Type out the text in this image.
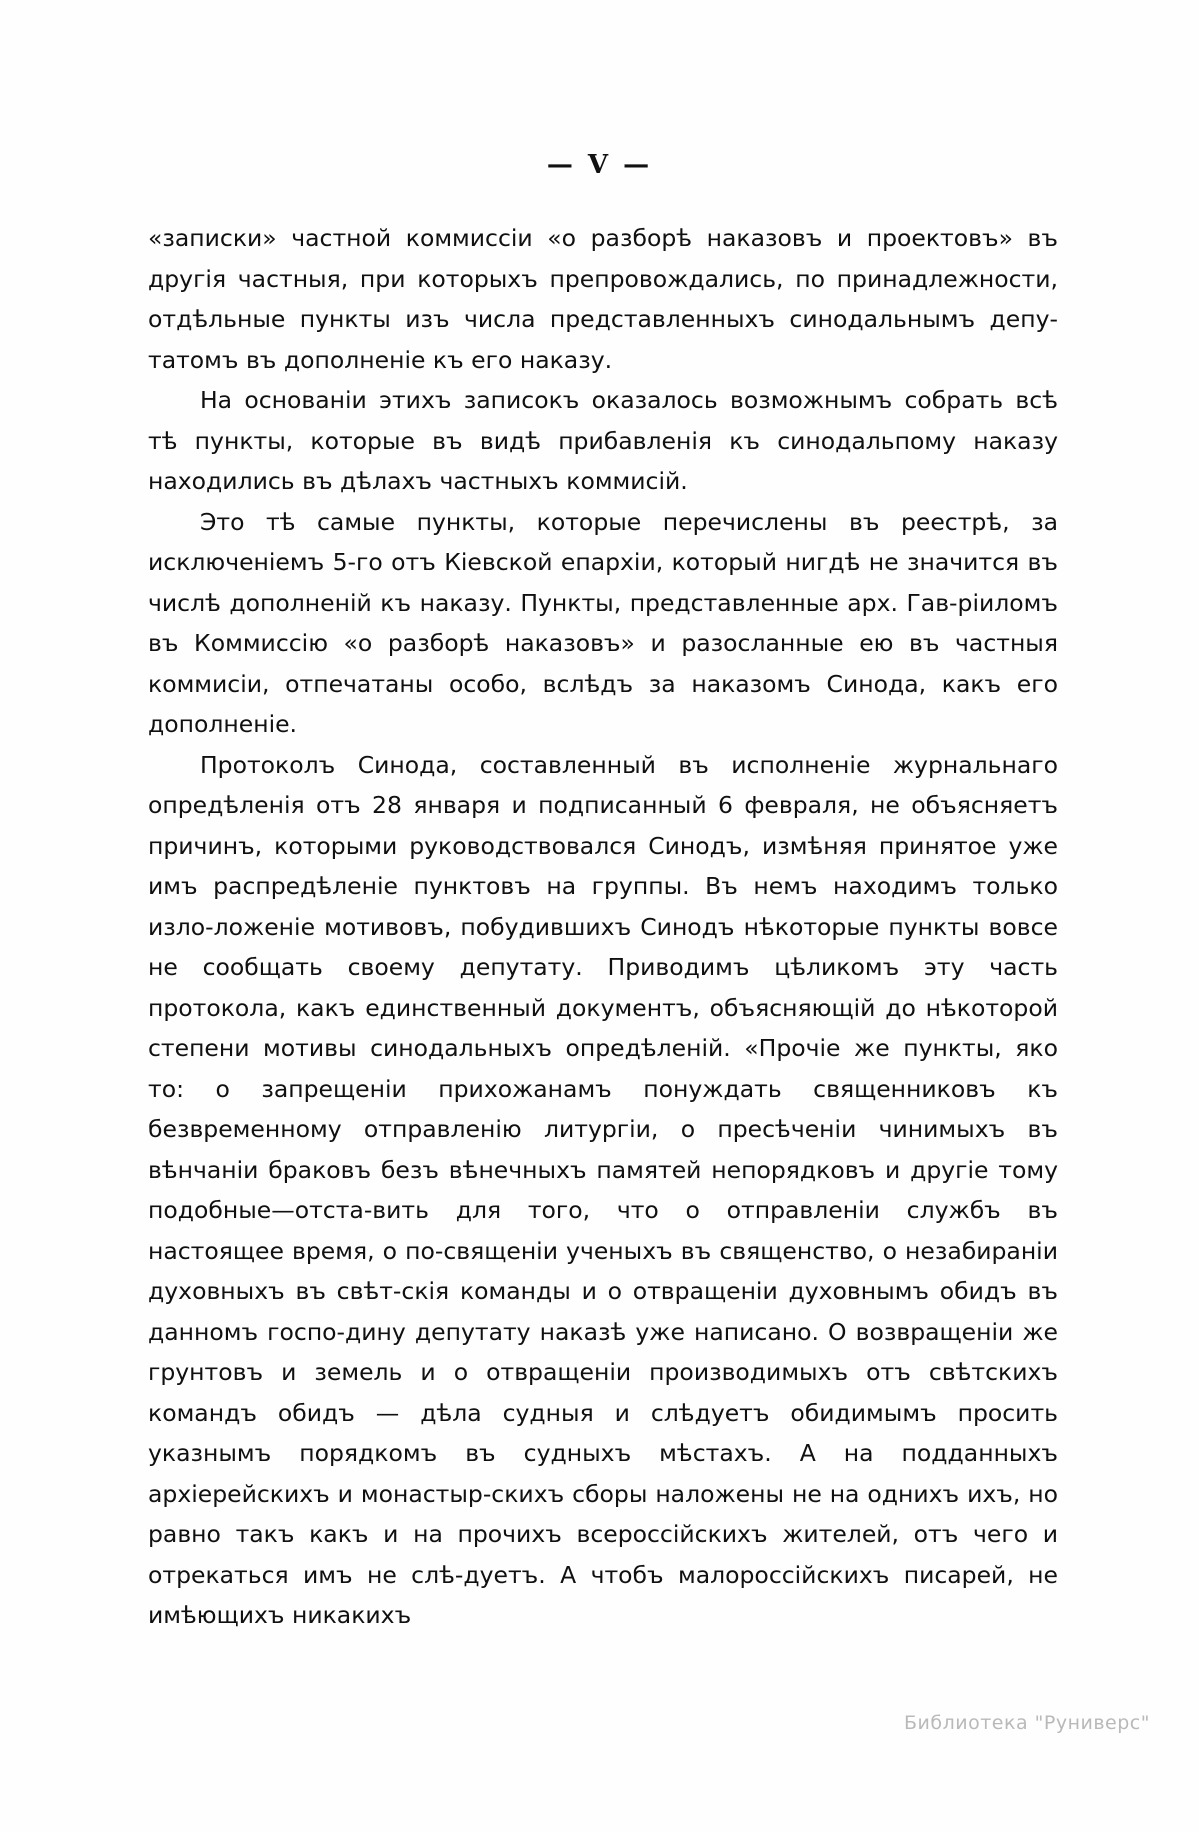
— V —

«записки» частной коммиссіи «о разборѣ наказовъ и проектовъ» въ другія частныя, при которыхъ препровождались, по принадлежности, отдѣльные пункты изъ числа представленныхъ синодальнымъ депу-татомъ въ дополненіе къ его наказу.

На основаніи этихъ записокъ оказалось возможнымъ собрать всѣ тѣ пункты, которые въ видѣ прибавленія къ синодальпому наказу находились въ дѣлахъ частныхъ коммисій.

Это тѣ самые пункты, которые перечислены въ реестрѣ, за исключеніемъ 5-го отъ Кіевской епархіи, который нигдѣ не значится въ числѣ дополненій къ наказу. Пункты, представленные арх. Гав-ріиломъ въ Коммиссію «о разборѣ наказовъ» и разосланные ею въ частныя коммисіи, отпечатаны особо, вслѣдъ за наказомъ Синода, какъ его дополненіе.

Протоколъ Синода, составленный въ исполненіе журнальнаго опредѣленія отъ 28 января и подписанный 6 февраля, не объясняетъ причинъ, которыми руководствовался Синодъ, измѣняя принятое уже имъ распредѣленіе пунктовъ на группы. Въ немъ находимъ только изло-ложеніе мотивовъ, побудившихъ Синодъ нѣкоторые пункты вовсе не сообщать своему депутату. Приводимъ цѣликомъ эту часть протокола, какъ единственный документъ, объясняющій до нѣкоторой степени мотивы синодальныхъ опредѣленій. «Прочіе же пункты, яко то: о запрещеніи прихожанамъ понуждать священниковъ къ безвременному отправленію литургіи, о пресѣченіи чинимыхъ въ вѣнчаніи браковъ безъ вѣнечныхъ памятей непорядковъ и другіе тому подобные—отста-вить для того, что о отправленіи службъ въ настоящее время, о по-священіи ученыхъ въ священство, о незабираніи духовныхъ въ свѣт-скія команды и о отвращеніи духовнымъ обидъ въ данномъ госпо-дину депутату наказѣ уже написано. О возвращеніи же грунтовъ и земель и о отвращеніи производимыхъ отъ свѣтскихъ командъ обидъ — дѣла судныя и слѣдуетъ обидимымъ просить указнымъ порядкомъ въ судныхъ мѣстахъ. А на подданныхъ архіерейскихъ и монастыр-скихъ сборы наложены не на однихъ ихъ, но равно такъ какъ и на прочихъ всероссійскихъ жителей, отъ чего и отрекаться имъ не слѣ-дуетъ. А чтобъ малороссійскихъ писарей, не имѣющихъ никакихъ

Библиотека "Руниверс"
